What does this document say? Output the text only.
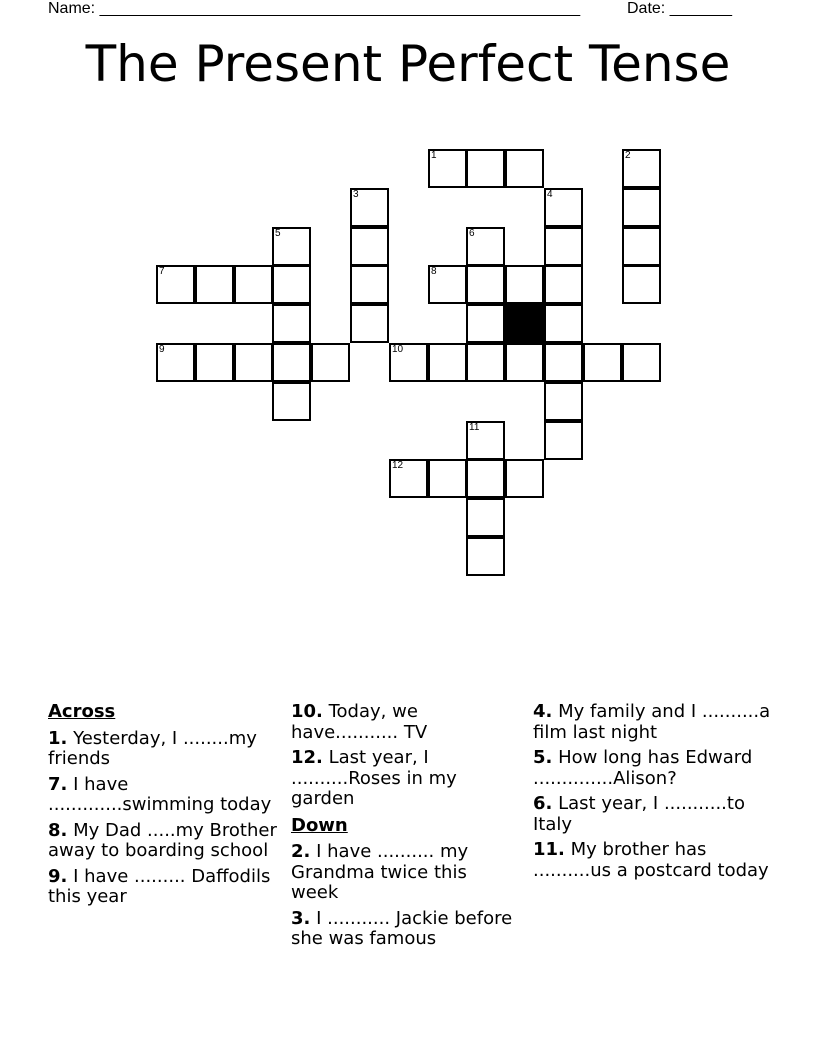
Name: ______________________________________________________	Date: _______
The Present Perfect Tense
1	2
3	4
5	6
7	8
9	10
11
12
Across
1. Yesterday, I ........my friends
7. I have .............swimming today
8. My Dad .....my Brother away to boarding school
9. I have ......... Daffodils this year
10. Today, we have........... TV
12. Last year, I ..........Roses in my garden
Down
2. I have .......... my Grandma twice this week
3. I ........... Jackie before she was famous
4. My family and I ..........a film last night
5. How long has Edward ..............Alison?
6. Last year, I ...........to Italy
11. My brother has ..........us a postcard today
